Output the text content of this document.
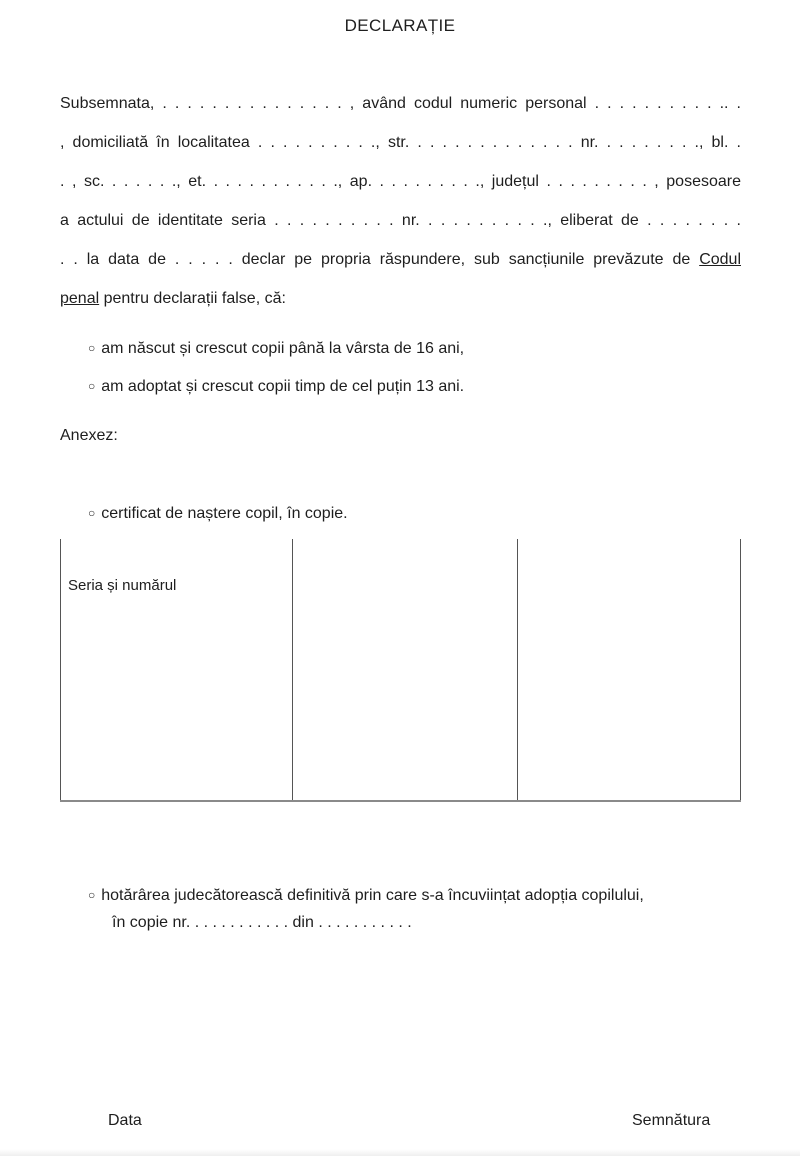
DECLARAȚIE
Subsemnata, . . . . . . . . . . . . . . . , având codul numeric personal . . . . . . . . . . .. .
, domiciliată în localitatea . . . . . . . . . ., str. . . . . . . . . . . . . . nr. . . . . . . . ., bl. .
. , sc. . . . . . ., et. . . . . . . . . . . ., ap. . . . . . . . . ., județul . . . . . . . . . , posesoare
a actului de identitate seria . . . . . . . . . . nr. . . . . . . . . . ., eliberat de . . . . . . . .
. . la data de . . . . . declar pe propria răspundere, sub sancțiunile prevăzute de Codul
penal pentru declarații false, că:
○ am născut și crescut copii până la vârsta de 16 ani,
○ am adoptat și crescut copii timp de cel puțin 13 ani.
Anexez:
○ certificat de naștere copil, în copie.
Seria și numărul
○ hotărârea judecătorească definitivă prin care s-a încuviințat adopția copilului,
în copie nr. . . . . . . . . . . . din . . . . . . . . . . .
Data	Semnătura
